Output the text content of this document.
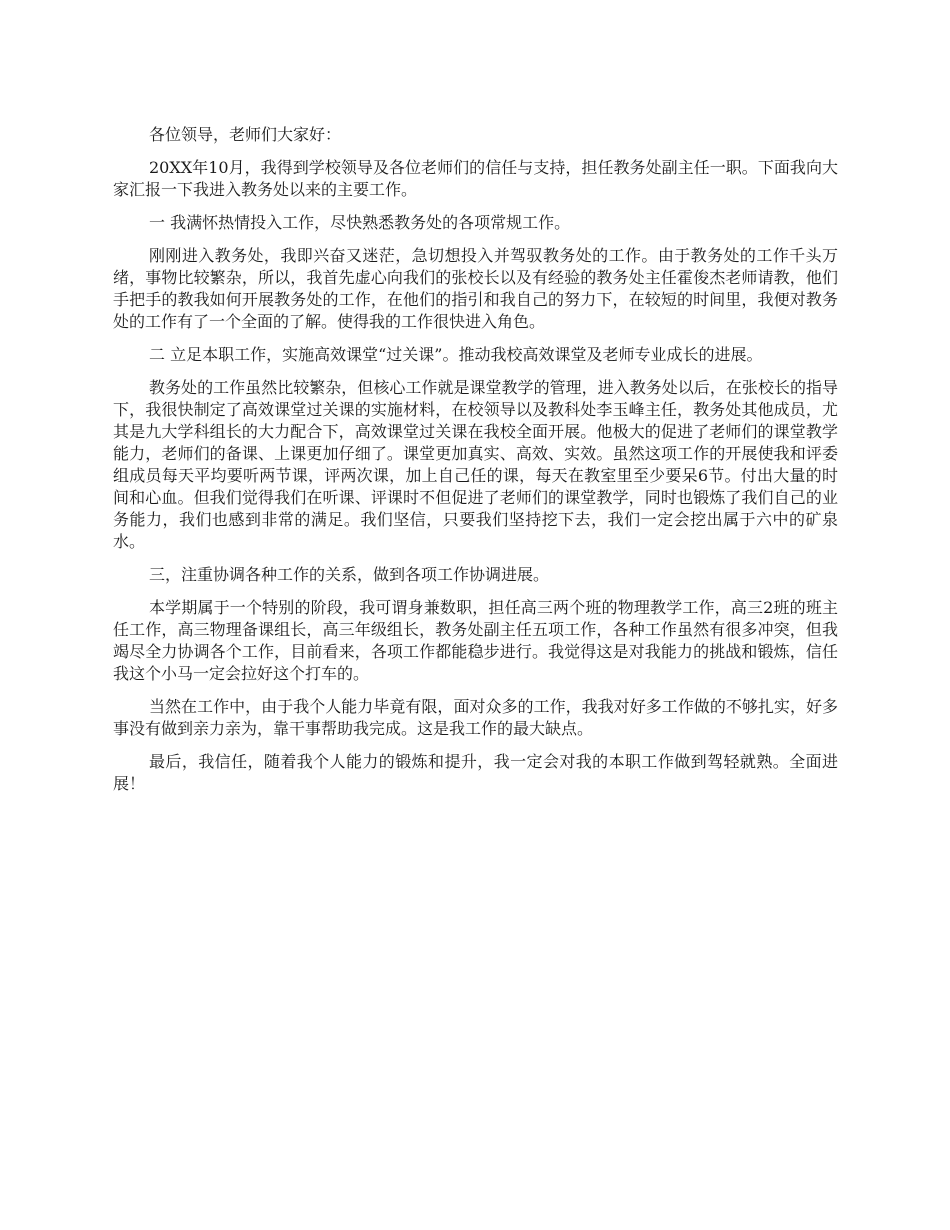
各位领导，老师们大家好：

20XX年10月，我得到学校领导及各位老师们的信任与支持，担任教务处副主任一职。下面我向大家汇报一下我进入教务处以来的主要工作。

一 我满怀热情投入工作，尽快熟悉教务处的各项常规工作。

刚刚进入教务处，我即兴奋又迷茫，急切想投入并驾驭教务处的工作。由于教务处的工作千头万绪，事物比较繁杂，所以，我首先虚心向我们的张校长以及有经验的教务处主任霍俊杰老师请教，他们手把手的教我如何开展教务处的工作，在他们的指引和我自己的努力下，在较短的时间里，我便对教务处的工作有了一个全面的了解。使得我的工作很快进入角色。

二 立足本职工作，实施高效课堂“过关课”。推动我校高效课堂及老师专业成长的进展。

教务处的工作虽然比较繁杂，但核心工作就是课堂教学的管理，进入教务处以后，在张校长的指导下，我很快制定了高效课堂过关课的实施材料，在校领导以及教科处李玉峰主任，教务处其他成员，尤其是九大学科组长的大力配合下，高效课堂过关课在我校全面开展。他极大的促进了老师们的课堂教学能力，老师们的备课、上课更加仔细了。课堂更加真实、高效、实效。虽然这项工作的开展使我和评委组成员每天平均要听两节课，评两次课，加上自己任的课，每天在教室里至少要呆6节。付出大量的时间和心血。但我们觉得我们在听课、评课时不但促进了老师们的课堂教学，同时也锻炼了我们自己的业务能力，我们也感到非常的满足。我们坚信，只要我们坚持挖下去，我们一定会挖出属于六中的矿泉水。

三，注重协调各种工作的关系，做到各项工作协调进展。

本学期属于一个特别的阶段，我可谓身兼数职，担任高三两个班的物理教学工作，高三2班的班主任工作，高三物理备课组长，高三年级组长，教务处副主任五项工作，各种工作虽然有很多冲突，但我竭尽全力协调各个工作，目前看来，各项工作都能稳步进行。我觉得这是对我能力的挑战和锻炼，信任我这个小马一定会拉好这个打车的。

当然在工作中，由于我个人能力毕竟有限，面对众多的工作，我我对好多工作做的不够扎实，好多事没有做到亲力亲为，靠干事帮助我完成。这是我工作的最大缺点。

最后，我信任，随着我个人能力的锻炼和提升，我一定会对我的本职工作做到驾轻就熟。全面进展！
